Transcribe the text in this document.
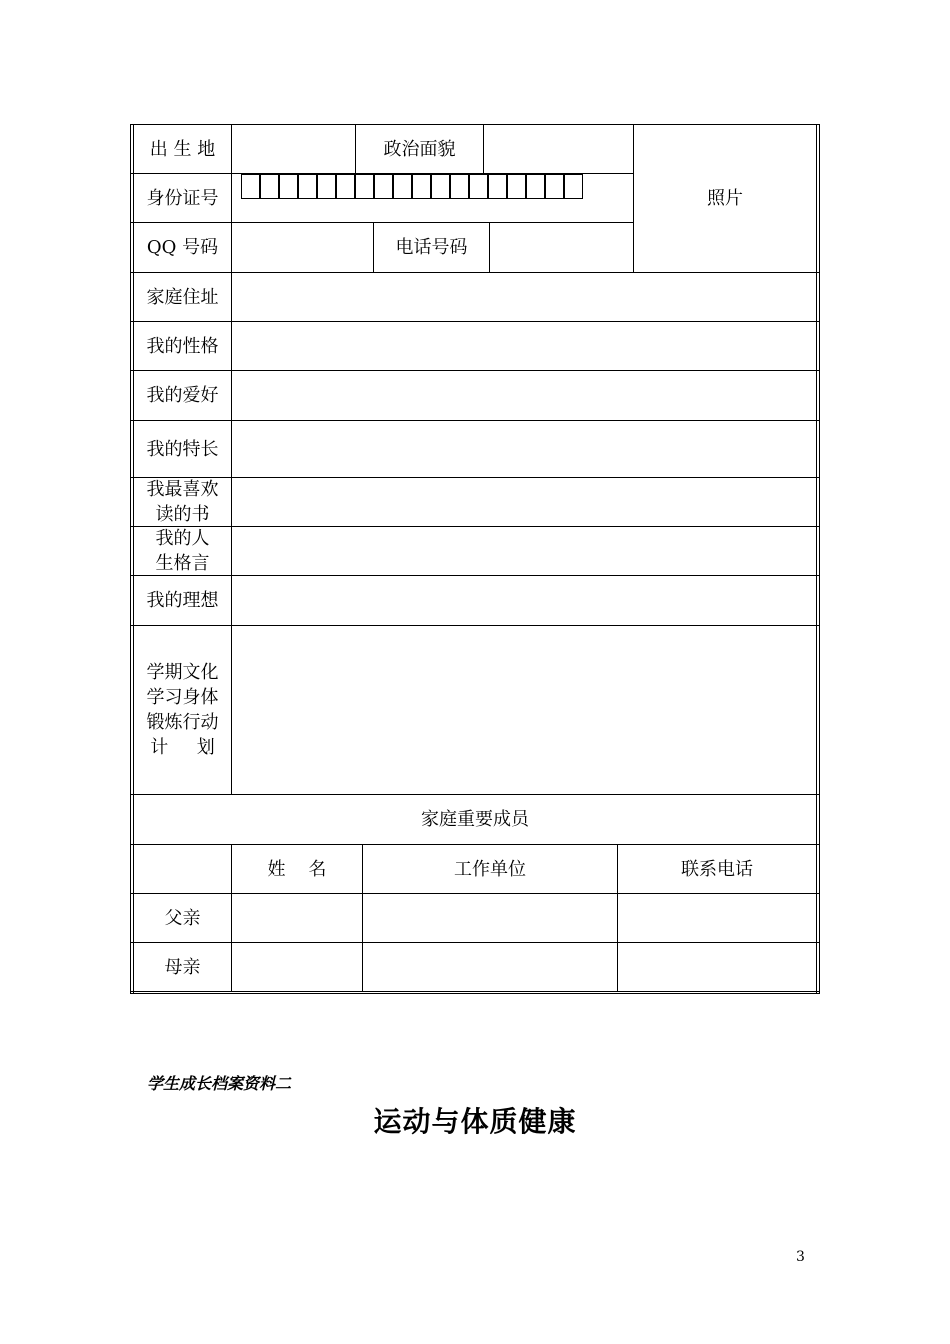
出 生 地	政治面貌
照片
身份证号
QQ 号码	电话号码
家庭住址
我的性格
我的爱好
我的特长
我最喜欢
读的书
我的人
生格言
我的理想
学期文化
学习身体
锻炼行动
计     划
家庭重要成员
姓    名	工作单位	联系电话
父亲
母亲
学生成长档案资料二
运动与体质健康
3
